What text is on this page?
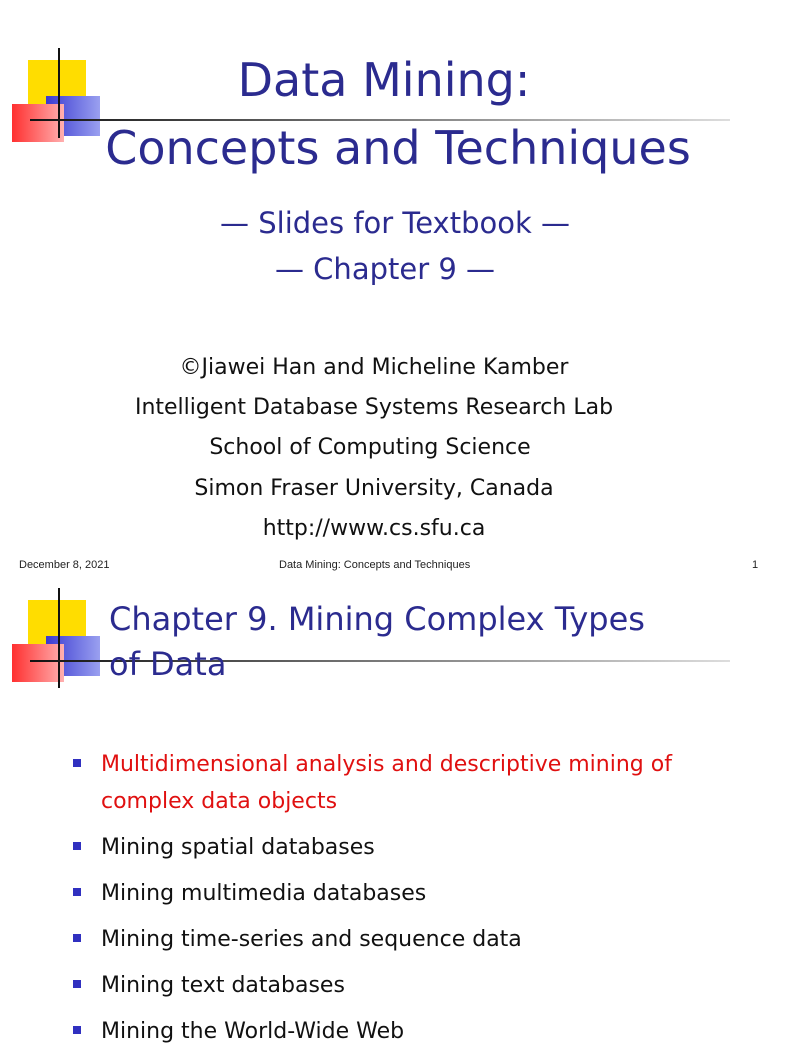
Data Mining:
Concepts and Techniques
— Slides for Textbook —
— Chapter 9 —
©Jiawei Han and Micheline Kamber
Intelligent Database Systems Research Lab
School of Computing Science
Simon Fraser University, Canada
http://www.cs.sfu.ca
December 8, 2021	Data Mining: Concepts and Techniques	1
Chapter 9. Mining Complex Types
of Data
Multidimensional analysis and descriptive mining of complex data objects
Mining spatial databases
Mining multimedia databases
Mining time-series and sequence data
Mining text databases
Mining the World-Wide Web
